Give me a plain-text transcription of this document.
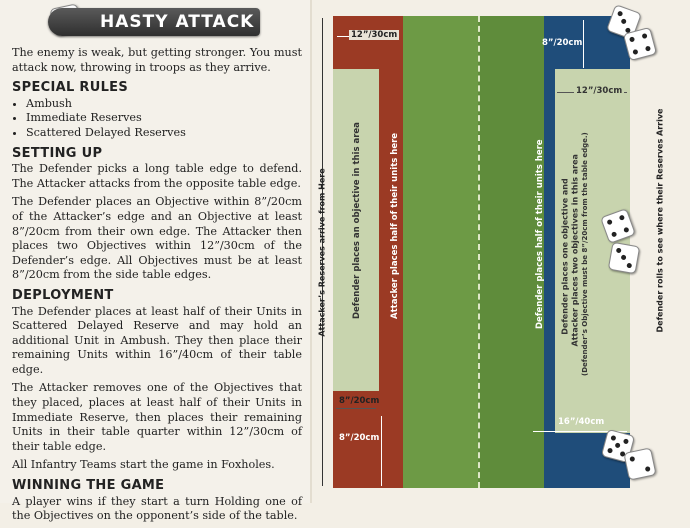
HASTY ATTACK

The enemy is weak, but getting stronger. You must attack now, throwing in troops as they arrive.

SPECIAL RULES
• Ambush
• Immediate Reserves
• Scattered Delayed Reserves
SETTING UP

The Defender picks a long table edge to defend. The Attacker attacks from the opposite table edge.

The Defender places an Objective within 8”/20cm of the Attacker’s edge and an Objective at least 8”/20cm from their own edge. The Attacker then places two Objectives within 12”/30cm of the Defender’s edge. All Objectives must be at least 8”/20cm from the side table edges.

DEPLOYMENT

The Defender places at least half of their Units in Scattered Delayed Reserve and may hold an additional Unit in Ambush. They then place their remaining Units within 16”/40cm of their table edge.

The Attacker removes one of the Objectives that they placed, places at least half of their Units in Immediate Reserve, then places their remaining Units in their table quarter within 12”/30cm of their table edge.

All Infantry Teams start the game in Foxholes.

WINNING THE GAME

A player wins if they start a turn Holding one of the Objectives on the opponent’s side of the table.

Attacker’s Reserves arrive from Here	Defender rolls to see where their Reserves Arrive
12”/30cm
8”/20cm
12”/30cm
8”/20cm
8”/20cm
16”/40cm
Defender places an objective in this area	Attacker places half of their units here	Defender places half of their units here Defender places one objective and Attacker places two objectives in this area (Defender’s Objective must be 8”/20cm from the table edge.)
